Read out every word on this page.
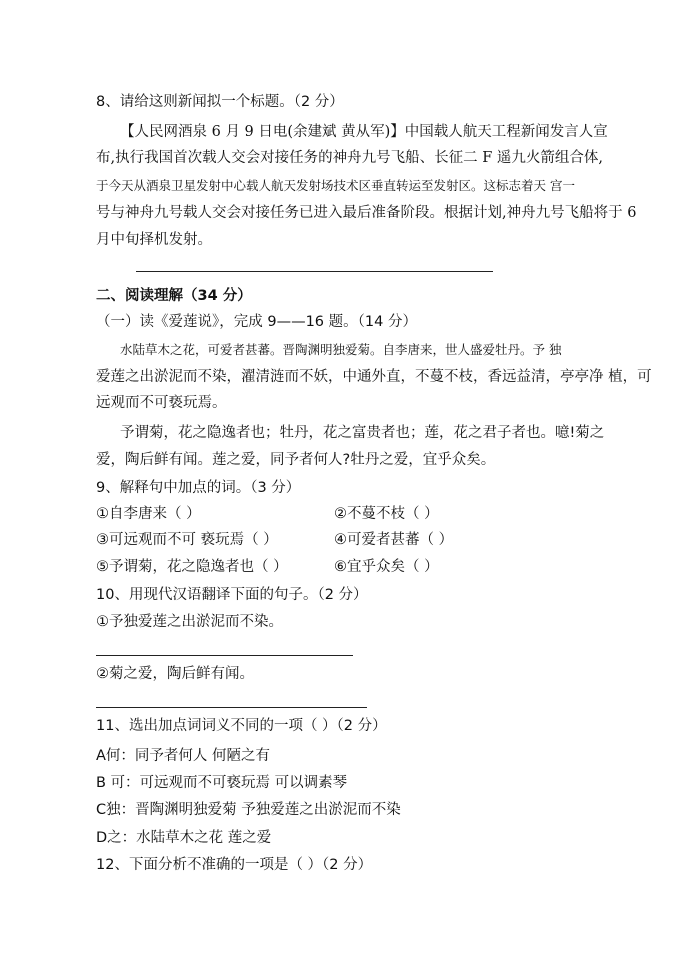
8、请给这则新闻拟一个标题。（2 分）
【人民网酒泉 6 月 9 日电(余建斌 黄从军)】中国载人航天工程新闻发言人宣
布,执行我国首次载人交会对接任务的神舟九号飞船、长征二 F 遥九火箭组合体,
于今天从酒泉卫星发射中心载人航天发射场技术区垂直转运至发射区。这标志着天 宫一
号与神舟九号载人交会对接任务已进入最后准备阶段。根据计划,神舟九号飞船将于 6
月中旬择机发射。
二、阅读理解（34 分）
（一）读《爱莲说》，完成 9——16 题。（14 分）
水陆草木之花，可爱者甚蕃。晋陶渊明独爱菊。自李唐来，世人盛爱牡丹。予 独
爱莲之出淤泥而不染，濯清涟而不妖，中通外直，不蔓不枝，香远益清，亭亭净 植，可
远观而不可亵玩焉。
予谓菊，花之隐逸者也；牡丹，花之富贵者也；莲，花之君子者也。噫!菊之
爱，陶后鲜有闻。莲之爱，同予者何人?牡丹之爱，宜乎众矣。
9、解释句中加点的词。（3 分）
①自李唐来（ ）	②不蔓不枝（ ）
③可远观而不可 亵玩焉（ ）	④可爱者甚蕃（ ）
⑤予谓菊，花之隐逸者也（ ）	⑥宜乎众矣（ ）
10、用现代汉语翻译下面的句子。（2 分）
①予独爱莲之出淤泥而不染。
②菊之爱，陶后鲜有闻。
11、选出加点词词义不同的一项（ ）（2 分）
A何：同予者何人 何陋之有
B 可：可远观而不可亵玩焉 可以调素琴
C独：晋陶渊明独爱菊 予独爱莲之出淤泥而不染
D之：水陆草木之花 莲之爱
12、下面分析不准确的一项是（ ）（2 分）
